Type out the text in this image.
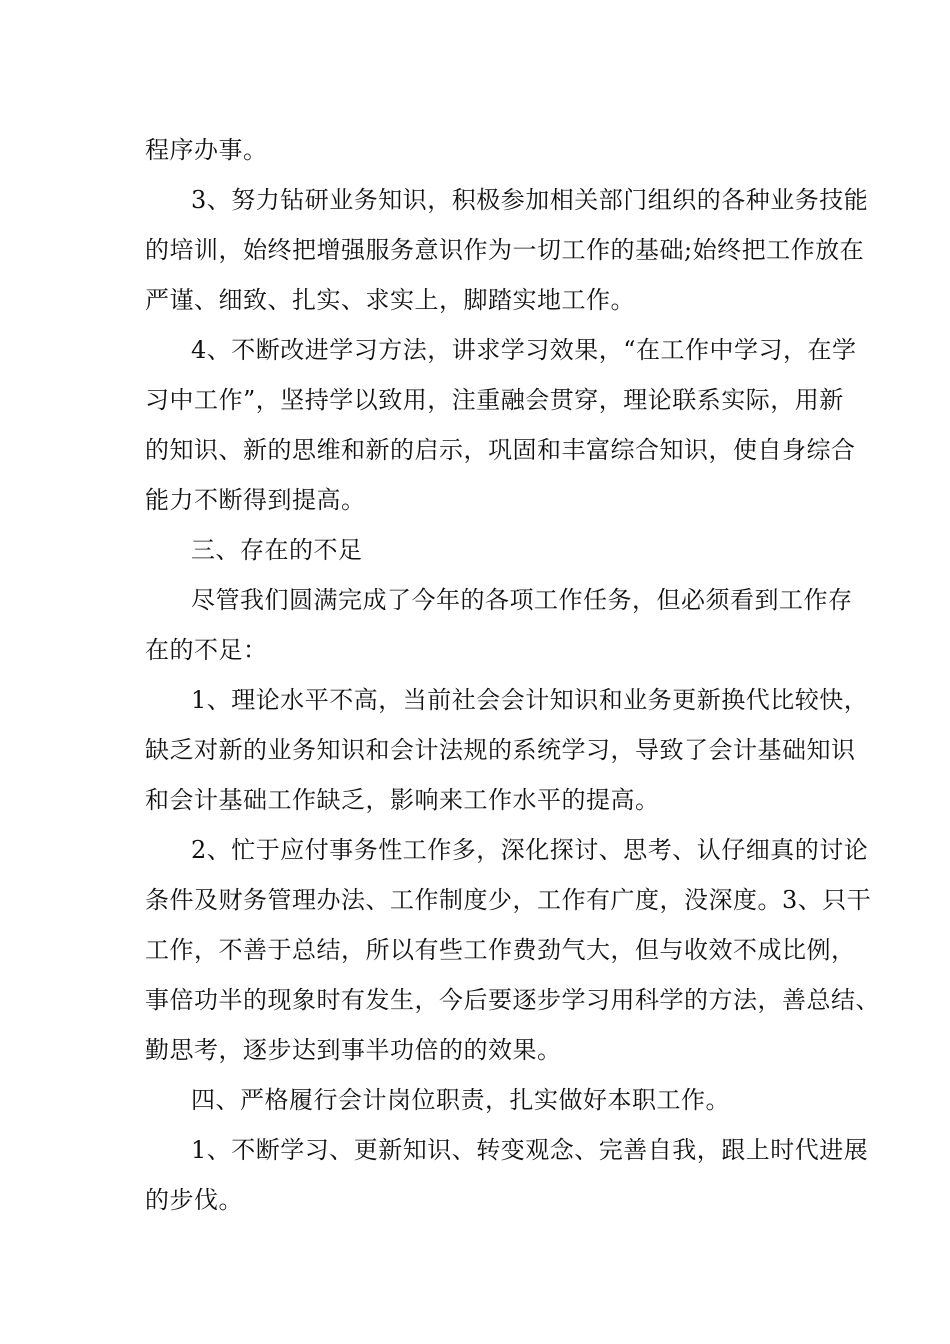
程序办事。
3、努力钻研业务知识，积极参加相关部门组织的各种业务技能
的培训，始终把增强服务意识作为一切工作的基础;始终把工作放在
严谨、细致、扎实、求实上，脚踏实地工作。
4、不断改进学习方法，讲求学习效果，“在工作中学习，在学
习中工作”，坚持学以致用，注重融会贯穿，理论联系实际，用新
的知识、新的思维和新的启示，巩固和丰富综合知识，使自身综合
能力不断得到提高。
三、存在的不足
尽管我们圆满完成了今年的各项工作任务，但必须看到工作存
在的不足：
1、理论水平不高，当前社会会计知识和业务更新换代比较快，
缺乏对新的业务知识和会计法规的系统学习，导致了会计基础知识
和会计基础工作缺乏，影响来工作水平的提高。
2、忙于应付事务性工作多，深化探讨、思考、认仔细真的讨论
条件及财务管理办法、工作制度少，工作有广度，没深度。3、只干
工作，不善于总结，所以有些工作费劲气大，但与收效不成比例，
事倍功半的现象时有发生，今后要逐步学习用科学的方法，善总结、
勤思考，逐步达到事半功倍的的效果。
四、严格履行会计岗位职责，扎实做好本职工作。
1、不断学习、更新知识、转变观念、完善自我，跟上时代进展
的步伐。
